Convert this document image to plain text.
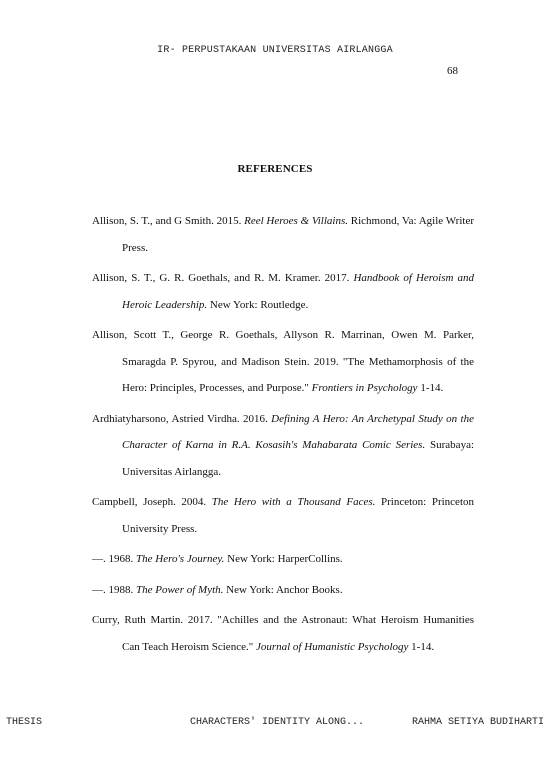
IR- PERPUSTAKAAN UNIVERSITAS AIRLANGGA
68
REFERENCES

Allison, S. T., and G Smith. 2015. Reel Heroes & Villains. Richmond, Va: Agile Writer Press.

Allison, S. T., G. R. Goethals, and R. M. Kramer. 2017. Handbook of Heroism and Heroic Leadership. New York: Routledge.

Allison, Scott T., George R. Goethals, Allyson R. Marrinan, Owen M. Parker, Smaragda P. Spyrou, and Madison Stein. 2019. "The Methamorphosis of the Hero: Principles, Processes, and Purpose." Frontiers in Psychology 1-14.

Ardhiatyharsono, Astried Virdha. 2016. Defining A Hero: An Archetypal Study on the Character of Karna in R.A. Kosasih's Mahabarata Comic Series. Surabaya: Universitas Airlangga.

Campbell, Joseph. 2004. The Hero with a Thousand Faces. Princeton: Princeton University Press.

—. 1968. The Hero's Journey. New York: HarperCollins.

—. 1988. The Power of Myth. New York: Anchor Books.

Curry, Ruth Martin. 2017. "Achilles and the Astronaut: What Heroism Humanities Can Teach Heroism Science." Journal of Humanistic Psychology 1-14.

THESIS	CHARACTERS' IDENTITY ALONG...	RAHMA SETIYA BUDIHARTI
